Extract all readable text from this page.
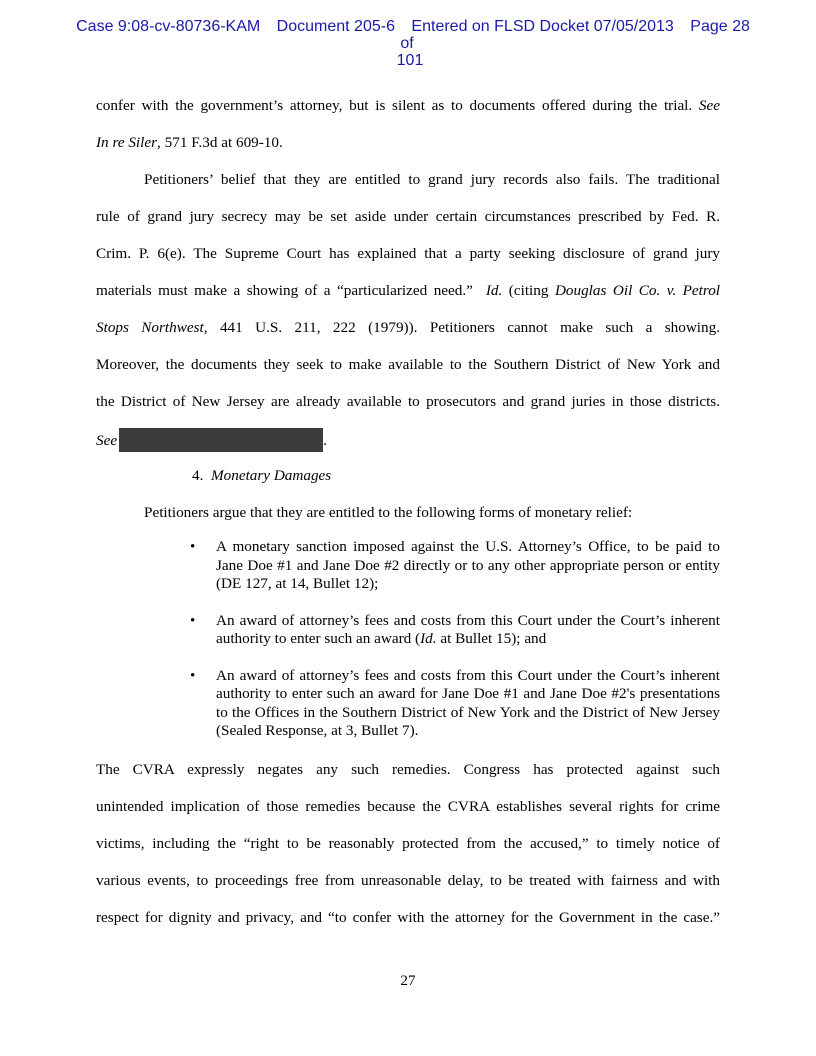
Case 9:08-cv-80736-KAM Document 205-6 Entered on FLSD Docket 07/05/2013 Page 28 of
101
confer with the government’s attorney, but is silent as to documents offered during the trial. See
In re Siler, 571 F.3d at 609-10.
Petitioners’ belief that they are entitled to grand jury records also fails. The traditional
rule of grand jury secrecy may be set aside under certain circumstances prescribed by Fed. R.
Crim. P. 6(e). The Supreme Court has explained that a party seeking disclosure of grand jury
materials must make a showing of a “particularized need.” Id. (citing Douglas Oil Co. v. Petrol
Stops Northwest, 441 U.S. 211, 222 (1979)). Petitioners cannot make such a showing.
Moreover, the documents they seek to make available to the Southern District of New York and
the District of New Jersey are already available to prosecutors and grand juries in those districts.
See	.
4. Monetary Damages
Petitioners argue that they are entitled to the following forms of monetary relief:
• A monetary sanction imposed against the U.S. Attorney’s Office, to be paid to Jane Doe #1 and Jane Doe #2 directly or to any other appropriate person or entity (DE 127, at 14, Bullet 12);
• An award of attorney’s fees and costs from this Court under the Court’s inherent authority to enter such an award (Id. at Bullet 15); and
• An award of attorney’s fees and costs from this Court under the Court’s inherent authority to enter such an award for Jane Doe #1 and Jane Doe #2's presentations to the Offices in the Southern District of New York and the District of New Jersey (Sealed Response, at 3, Bullet 7).
The CVRA expressly negates any such remedies. Congress has protected against such
unintended implication of those remedies because the CVRA establishes several rights for crime
victims, including the “right to be reasonably protected from the accused,” to timely notice of
various events, to proceedings free from unreasonable delay, to be treated with fairness and with
respect for dignity and privacy, and “to confer with the attorney for the Government in the case.”
27
